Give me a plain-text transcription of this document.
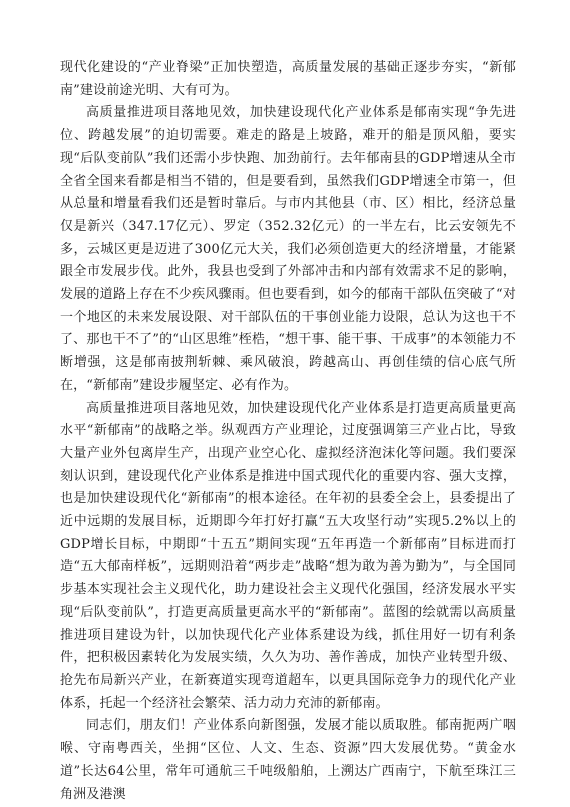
现代化建设的“产业脊梁”正加快塑造，高质量发展的基础正逐步夯实，“新郁南”建设前途光明、大有可为。

高质量推进项目落地见效，加快建设现代化产业体系是郁南实现“争先进位、跨越发展”的迫切需要。难走的路是上坡路，难开的船是顶风船，要实现“后队变前队”我们还需小步快跑、加劲前行。去年郁南县的GDP增速从全市全省全国来看都是相当不错的，但是要看到，虽然我们GDP增速全市第一，但从总量和增量看我们还是暂时靠后。与市内其他县（市、区）相比，经济总量仅是新兴（347.17亿元）、罗定（352.32亿元）的一半左右，比云安领先不多，云城区更是迈进了300亿元大关，我们必须创造更大的经济增量，才能紧跟全市发展步伐。此外，我县也受到了外部冲击和内部有效需求不足的影响，发展的道路上存在不少疾风骤雨。但也要看到，如今的郁南干部队伍突破了“对一个地区的未来发展设限、对干部队伍的干事创业能力设限，总认为这也干不了、那也干不了”的“山区思维”桎梏，“想干事、能干事、干成事”的本领能力不断增强，这是郁南披荆斩棘、乘风破浪，跨越高山、再创佳绩的信心底气所在，“新郁南”建设步履坚定、必有作为。

高质量推进项目落地见效，加快建设现代化产业体系是打造更高质量更高水平“新郁南”的战略之举。纵观西方产业理论，过度强调第三产业占比，导致大量产业外包离岸生产，出现产业空心化、虚拟经济泡沫化等问题。我们要深刻认识到，建设现代化产业体系是推进中国式现代化的重要内容、强大支撑，也是加快建设现代化“新郁南”的根本途径。在年初的县委全会上，县委提出了近中远期的发展目标，近期即今年打好打赢“五大攻坚行动”实现5.2%以上的GDP增长目标，中期即“十五五”期间实现“五年再造一个新郁南”目标进而打造“五大郁南样板”，远期则沿着“两步走”战略“想为敢为善为勤为”，与全国同步基本实现社会主义现代化，助力建设社会主义现代化强国，经济发展水平实现“后队变前队”，打造更高质量更高水平的“新郁南”。蓝图的绘就需以高质量推进项目建设为针，以加快现代化产业体系建设为线，抓住用好一切有利条件，把积极因素转化为发展实绩，久久为功、善作善成，加快产业转型升级、抢先布局新兴产业，在新赛道实现弯道超车，以更具国际竞争力的现代化产业体系，托起一个经济社会繁荣、活力动力充沛的新郁南。

同志们，朋友们！产业体系向新图强，发展才能以质取胜。郁南扼两广咽喉、守南粤西关，坐拥“区位、人文、生态、资源”四大发展优势。“黄金水道”长达64公里，常年可通航三千吨级船舶，上溯达广西南宁，下航至珠江三角洲及港澳
